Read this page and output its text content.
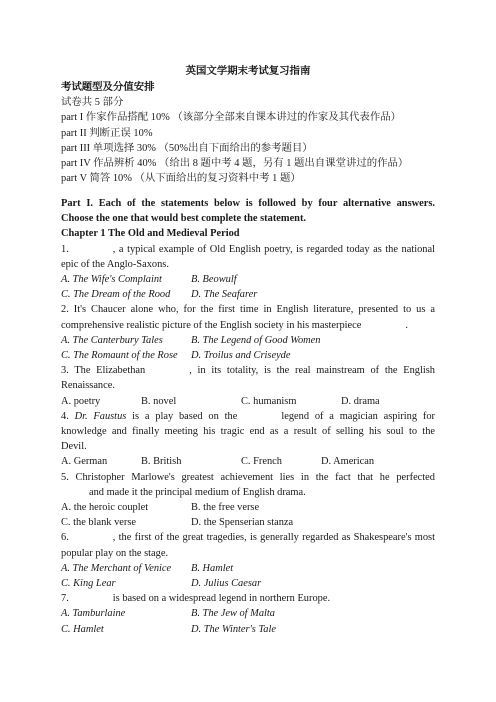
英国文学期末考试复习指南
考试题型及分值安排
试卷共 5 部分
part I 作家作品搭配 10% （该部分全部来自课本讲过的作家及其代表作品）
part II 判断正误 10%
part III 单项选择 30% （50%出自下面给出的参考题目）
part IV 作品辨析 40% （给出 8 题中考 4 题，另有 1 题出自课堂讲过的作品）
part V 简答 10% （从下面给出的复习资料中考 1 题）
Part I. Each of the statements below is followed by four alternative answers.
Choose the one that would best complete the statement.
Chapter 1 The Old and Medieval Period
1.	, a typical example of Old English poetry, is regarded today as the national
epic of the Anglo-Saxons.
A. The Wife's Complaint	B. Beowulf
C. The Dream of the Rood	D. The Seafarer
2. It's Chaucer alone who, for the first time in English literature, presented to us a
comprehensive realistic picture of the English society in his masterpiece	.
A. The Canterbury Tales	B. The Legend of Good Women
C. The Romaunt of the Rose	D. Troilus and Criseyde
3. The Elizabethan	, in its totality, is the real mainstream of the English
Renaissance.
A. poetry	B. novel	C. humanism	D. drama
4. Dr. Faustus is a play based on the	legend of a magician aspiring for
knowledge and finally meeting his tragic end as a result of selling his soul to the
Devil.
A. German	B. British	C. French	D. American
5. Christopher Marlowe's greatest achievement lies in the fact that he perfected
and made it the principal medium of English drama.
A. the heroic couplet	B. the free verse
C. the blank verse	D. the Spenserian stanza
6.	, the first of the great tragedies, is generally regarded as Shakespeare's most
popular play on the stage.
A. The Merchant of Venice	B. Hamlet
C. King Lear	D. Julius Caesar
7.	is based on a widespread legend in northern Europe.
A. Tamburlaine	B. The Jew of Malta
C. Hamlet	D. The Winter's Tale
